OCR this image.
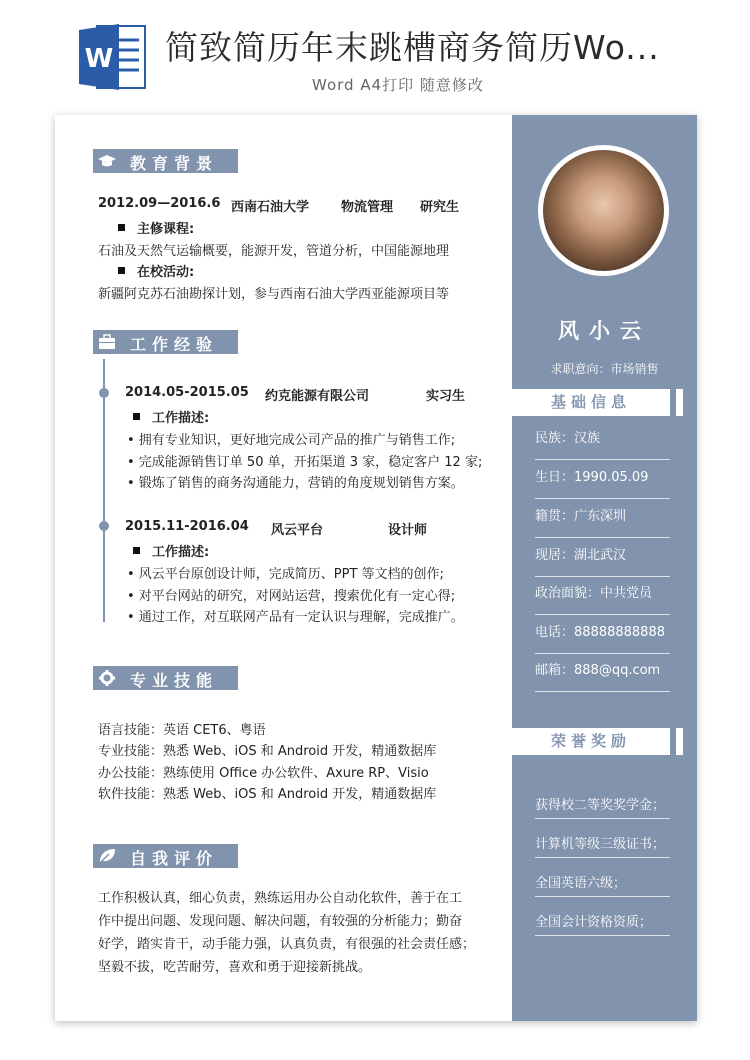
W 简致简历年末跳槽商务简历Wo...
Word A4打印 随意修改
教育背景
2012.09—2016.6 西南石油大学 物流管理 研究生
主修课程:
石油及天然气运输概要，能源开发，管道分析，中国能源地理
在校活动:
新疆阿克苏石油勘探计划，参与西南石油大学西亚能源项目等
工作经验
2014.05-2015.05 约克能源有限公司	实习生
工作描述:
• 拥有专业知识，更好地完成公司产品的推广与销售工作;
• 完成能源销售订单 50 单，开拓渠道 3 家，稳定客户 12 家;
• 锻炼了销售的商务沟通能力，营销的角度规划销售方案。
2015.11-2016.04 风云平台	设计师
工作描述:
• 风云平台原创设计师，完成简历、PPT 等文档的创作;
• 对平台网站的研究，对网站运营，搜索优化有一定心得;
• 通过工作，对互联网产品有一定认识与理解，完成推广。
专业技能
语言技能：英语 CET6、粤语
专业技能：熟悉 Web、iOS 和 Android 开发，精通数据库
办公技能：熟练使用 Office 办公软件、Axure RP、Visio
软件技能：熟悉 Web、iOS 和 Android 开发，精通数据库
自我评价
工作积极认真，细心负责，熟练运用办公自动化软件，善于在工
作中提出问题、发现问题、解决问题，有较强的分析能力；勤奋
好学，踏实肯干，动手能力强，认真负责，有很强的社会责任感；
坚毅不拔，吃苦耐劳，喜欢和勇于迎接新挑战。
风小云
求职意向：市场销售
基础信息
民族：汉族
生日：1990.05.09
籍贯：广东深圳
现居：湖北武汉
政治面貌：中共党员
电话：88888888888
邮箱：888@qq.com
荣誉奖励
获得校二等奖奖学金；
计算机等级三级证书；
全国英语六级；
全国会计资格资质；
